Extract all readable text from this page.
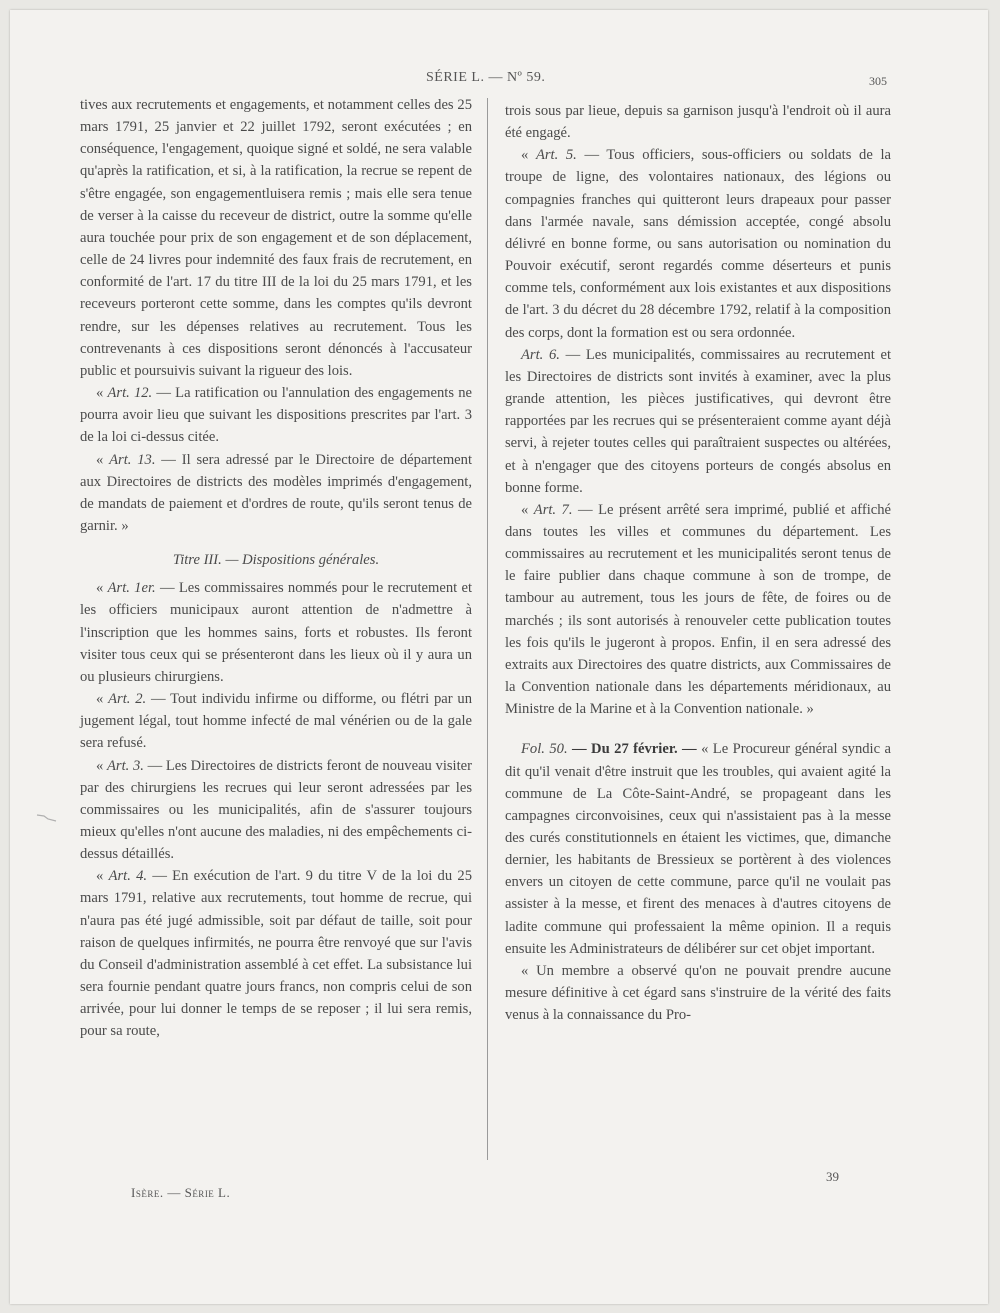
SÉRIE L. — Nº 59.	305

tives aux recrutements et engagements, et notamment celles des 25 mars 1791, 25 janvier et 22 juillet 1792, seront exécutées ; en conséquence, l'engagement, quoique signé et soldé, ne sera valable qu'après la ratification, et si, à la ratification, la recrue se repent de s'être engagée, son engagementluisera remis ; mais elle sera tenue de verser à la caisse du receveur de district, outre la somme qu'elle aura touchée pour prix de son engagement et de son déplacement, celle de 24 livres pour indemnité des faux frais de recrutement, en conformité de l'art. 17 du titre III de la loi du 25 mars 1791, et les receveurs porteront cette somme, dans les comptes qu'ils devront rendre, sur les dépenses relatives au recrutement. Tous les contrevenants à ces dispositions seront dénoncés à l'accusateur public et poursuivis suivant la rigueur des lois.

« Art. 12. — La ratification ou l'annulation des engagements ne pourra avoir lieu que suivant les dispositions prescrites par l'art. 3 de la loi ci-dessus citée.

« Art. 13. — Il sera adressé par le Directoire de département aux Directoires de districts des modèles imprimés d'engagement, de mandats de paiement et d'ordres de route, qu'ils seront tenus de garnir. »

Titre III. — Dispositions générales.

« Art. 1er. — Les commissaires nommés pour le recrutement et les officiers municipaux auront attention de n'admettre à l'inscription que les hommes sains, forts et robustes. Ils feront visiter tous ceux qui se présenteront dans les lieux où il y aura un ou plusieurs chirurgiens.

« Art. 2. — Tout individu infirme ou difforme, ou flétri par un jugement légal, tout homme infecté de mal vénérien ou de la gale sera refusé.

« Art. 3. — Les Directoires de districts feront de nouveau visiter par des chirurgiens les recrues qui leur seront adressées par les commissaires ou les municipalités, afin de s'assurer toujours mieux qu'elles n'ont aucune des maladies, ni des empêchements ci-dessus détaillés.

« Art. 4. — En exécution de l'art. 9 du titre V de la loi du 25 mars 1791, relative aux recrutements, tout homme de recrue, qui n'aura pas été jugé admissible, soit par défaut de taille, soit pour raison de quelques infirmités, ne pourra être renvoyé que sur l'avis du Conseil d'administration assemblé à cet effet. La subsistance lui sera fournie pendant quatre jours francs, non compris celui de son arrivée, pour lui donner le temps de se reposer ; il lui sera remis, pour sa route,

trois sous par lieue, depuis sa garnison jusqu'à l'endroit où il aura été engagé.

« Art. 5. — Tous officiers, sous-officiers ou soldats de la troupe de ligne, des volontaires nationaux, des légions ou compagnies franches qui quitteront leurs drapeaux pour passer dans l'armée navale, sans démission acceptée, congé absolu délivré en bonne forme, ou sans autorisation ou nomination du Pouvoir exécutif, seront regardés comme déserteurs et punis comme tels, conformément aux lois existantes et aux dispositions de l'art. 3 du décret du 28 décembre 1792, relatif à la composition des corps, dont la formation est ou sera ordonnée.

Art. 6. — Les municipalités, commissaires au recrutement et les Directoires de districts sont invités à examiner, avec la plus grande attention, les pièces justificatives, qui devront être rapportées par les recrues qui se présenteraient comme ayant déjà servi, à rejeter toutes celles qui paraîtraient suspectes ou altérées, et à n'engager que des citoyens porteurs de congés absolus en bonne forme.

« Art. 7. — Le présent arrêté sera imprimé, publié et affiché dans toutes les villes et communes du département. Les commissaires au recrutement et les municipalités seront tenus de le faire publier dans chaque commune à son de trompe, de tambour au autrement, tous les jours de fête, de foires ou de marchés ; ils sont autorisés à renouveler cette publication toutes les fois qu'ils le jugeront à propos. Enfin, il en sera adressé des extraits aux Directoires des quatre districts, aux Commissaires de la Convention nationale dans les départements méridionaux, au Ministre de la Marine et à la Convention nationale. »

Fol. 50. — Du 27 février. — « Le Procureur général syndic a dit qu'il venait d'être instruit que les troubles, qui avaient agité la commune de La Côte-Saint-André, se propageant dans les campagnes circonvoisines, ceux qui n'assistaient pas à la messe des curés constitutionnels en étaient les victimes, que, dimanche dernier, les habitants de Bressieux se portèrent à des violences envers un citoyen de cette commune, parce qu'il ne voulait pas assister à la messe, et firent des menaces à d'autres citoyens de ladite commune qui professaient la même opinion. Il a requis ensuite les Administrateurs de délibérer sur cet objet important.

« Un membre a observé qu'on ne pouvait prendre aucune mesure définitive à cet égard sans s'instruire de la vérité des faits venus à la connaissance du Pro-

39
Isère. — Série L.
